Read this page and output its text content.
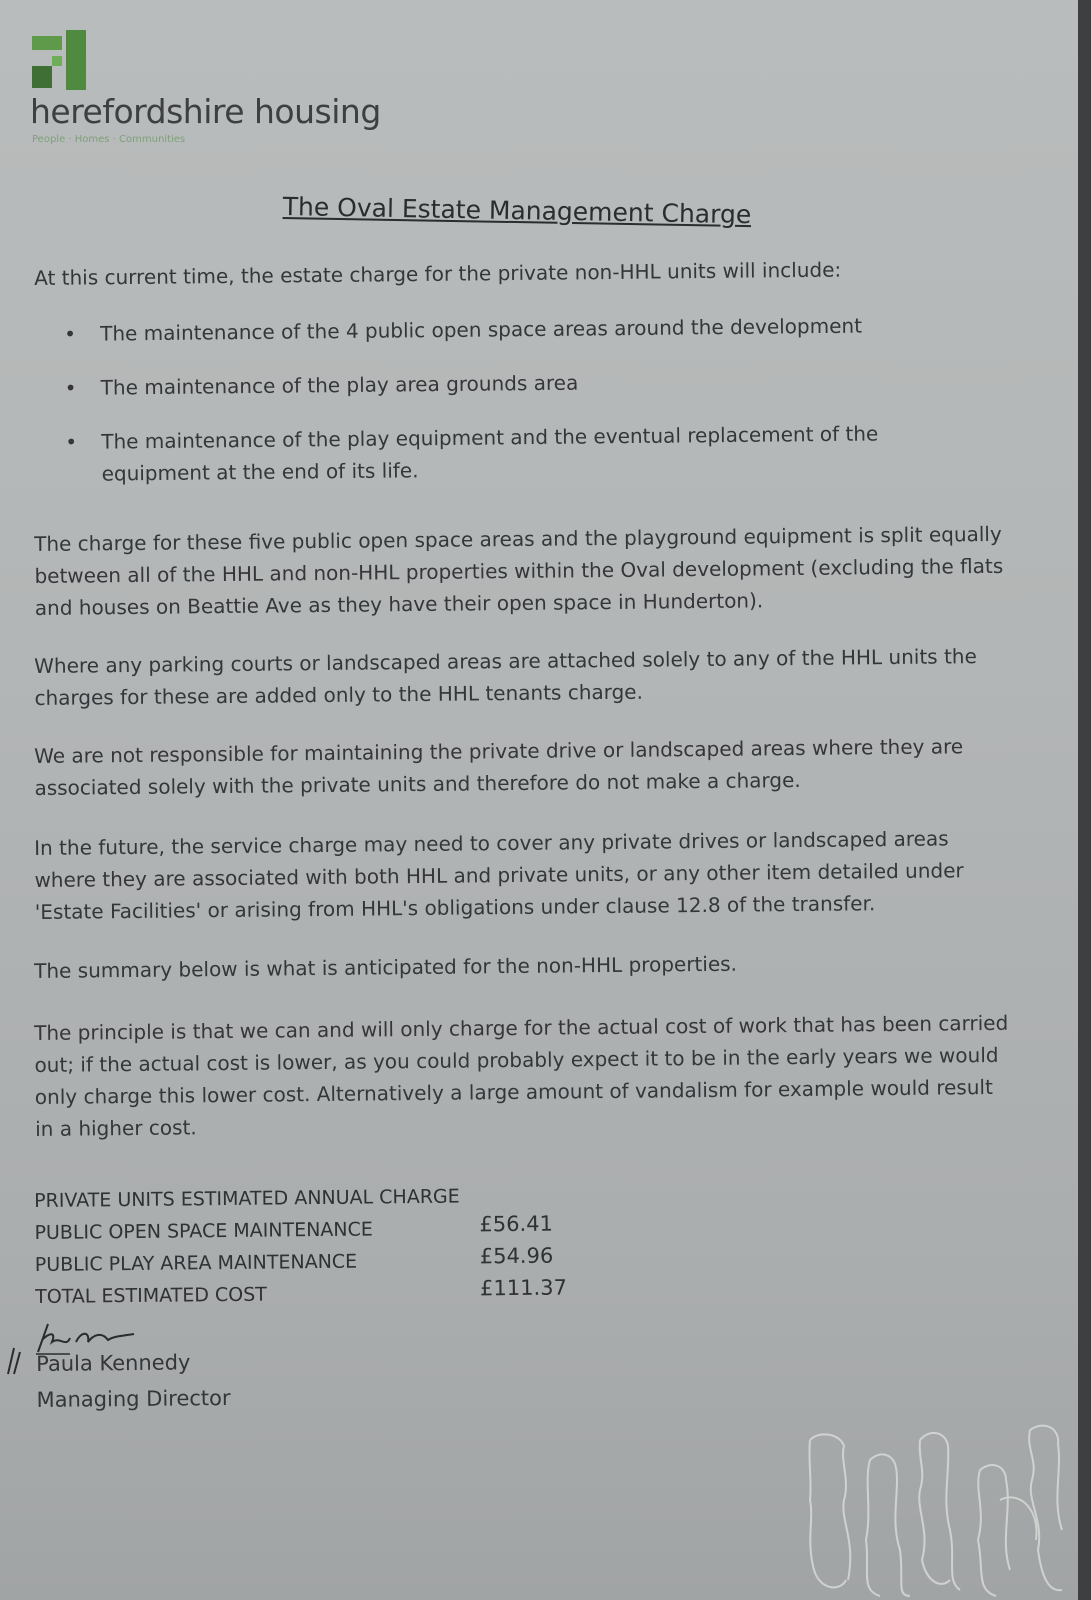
herefordshire housing
People · Homes · Communities
The Oval Estate Management Charge
At this current time, the estate charge for the private non-HHL units will include:
• The maintenance of the 4 public open space areas around the development
• The maintenance of the play area grounds area
• The maintenance of the play equipment and the eventual replacement of the equipment at the end of its life.
The charge for these five public open space areas and the playground equipment is split equally between all of the HHL and non-HHL properties within the Oval development (excluding the flats and houses on Beattie Ave as they have their open space in Hunderton).
Where any parking courts or landscaped areas are attached solely to any of the HHL units the charges for these are added only to the HHL tenants charge.
We are not responsible for maintaining the private drive or landscaped areas where they are associated solely with the private units and therefore do not make a charge.
In the future, the service charge may need to cover any private drives or landscaped areas where they are associated with both HHL and private units, or any other item detailed under 'Estate Facilities' or arising from HHL's obligations under clause 12.8 of the transfer.
The summary below is what is anticipated for the non-HHL properties.
The principle is that we can and will only charge for the actual cost of work that has been carried out; if the actual cost is lower, as you could probably expect it to be in the early years we would only charge this lower cost. Alternatively a large amount of vandalism for example would result in a higher cost.
PRIVATE UNITS ESTIMATED ANNUAL CHARGE
PUBLIC OPEN SPACE MAINTENANCE	£56.41
PUBLIC PLAY AREA MAINTENANCE	£54.96
TOTAL ESTIMATED COST	£111.37
Paula Kennedy
Managing Director
